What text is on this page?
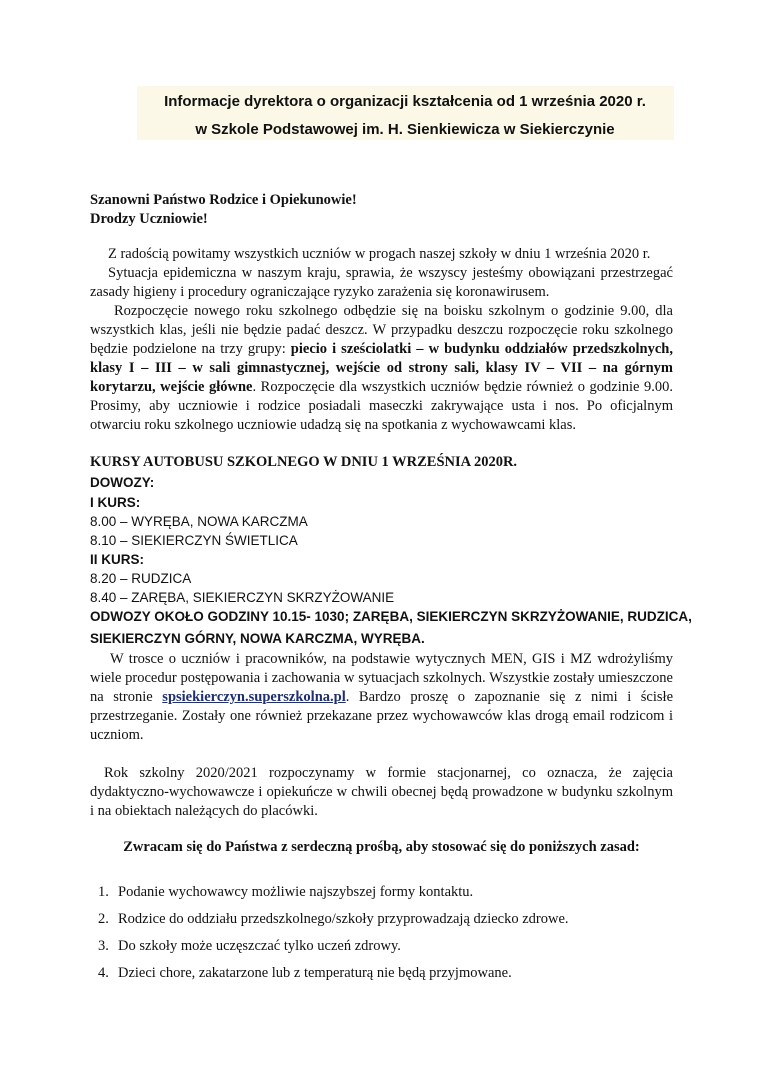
Informacje dyrektora o organizacji kształcenia od 1 września 2020 r.
w Szkole Podstawowej im. H. Sienkiewicza w Siekierczynie
Szanowni Państwo Rodzice i Opiekunowie!
Drodzy Uczniowie!
Z radością powitamy wszystkich uczniów w progach naszej szkoły w dniu 1 września 2020 r.
Sytuacja epidemiczna w naszym kraju, sprawia, że wszyscy jesteśmy obowiązani przestrzegać zasady higieny i procedury ograniczające ryzyko zarażenia się koronawirusem.
Rozpoczęcie nowego roku szkolnego odbędzie się na boisku szkolnym o godzinie 9.00, dla wszystkich klas, jeśli nie będzie padać deszcz. W przypadku deszczu rozpoczęcie roku szkolnego będzie podzielone na trzy grupy: piecio i sześciolatki – w budynku oddziałów przedszkolnych, klasy I – III – w sali gimnastycznej, wejście od strony sali, klasy IV – VII – na górnym korytarzu, wejście główne. Rozpoczęcie dla wszystkich uczniów będzie również o godzinie 9.00. Prosimy, aby uczniowie i rodzice posiadali maseczki zakrywające usta i nos. Po oficjalnym otwarciu roku szkolnego uczniowie udadzą się na spotkania z wychowawcami klas.
KURSY AUTOBUSU SZKOLNEGO W DNIU 1 WRZEŚNIA 2020R.
DOWOZY:
I KURS:
8.00 – WYRĘBA, NOWA KARCZMA
8.10 – SIEKIERCZYN ŚWIETLICA
II KURS:
8.20 – RUDZICA
8.40 – ZARĘBA, SIEKIERCZYN SKRZYŻOWANIE
ODWOZY OKOŁO GODZINY 10.15- 1030; ZARĘBA, SIEKIERCZYN SKRZYŻOWANIE, RUDZICA,
SIEKIERCZYN GÓRNY, NOWA KARCZMA, WYRĘBA.
W trosce o uczniów i pracowników, na podstawie wytycznych MEN, GIS i MZ wdrożyliśmy wiele procedur postępowania i zachowania w sytuacjach szkolnych. Wszystkie zostały umieszczone na stronie spsiekierczyn.superszkolna.pl. Bardzo proszę o zapoznanie się z nimi i ścisłe przestrzeganie. Zostały one również przekazane przez wychowawców klas drogą email rodzicom i uczniom.
Rok szkolny 2020/2021 rozpoczynamy w formie stacjonarnej, co oznacza, że zajęcia dydaktyczno-wychowawcze i opiekuńcze w chwili obecnej będą prowadzone w budynku szkolnym i na obiektach należących do placówki.
Zwracam się do Państwa z serdeczną prośbą, aby stosować się do poniższych zasad:
1. Podanie wychowawcy możliwie najszybszej formy kontaktu.
2. Rodzice do oddziału przedszkolnego/szkoły przyprowadzają dziecko zdrowe.
3. Do szkoły może uczęszczać tylko uczeń zdrowy.
4. Dzieci chore, zakatarzone lub z temperaturą nie będą przyjmowane.
